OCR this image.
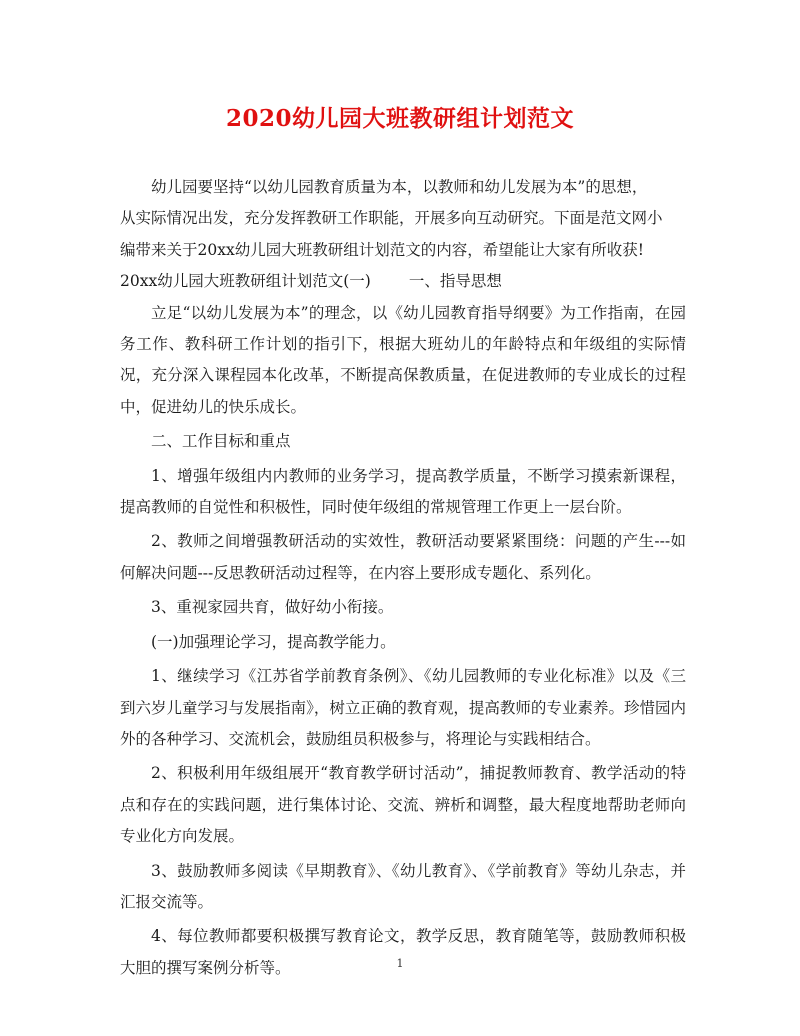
2020幼儿园大班教研组计划范文

幼儿园要坚持“以幼儿园教育质量为本，以教师和幼儿发展为本”的思想，

从实际情况出发，充分发挥教研工作职能，开展多向互动研究。下面是范文网小

编带来关于20xx幼儿园大班教研组计划范文的内容，希望能让大家有所收获!

20xx幼儿园大班教研组计划范文(一) 一、指导思想

立足“以幼儿发展为本”的理念，以《幼儿园教育指导纲要》为工作指南，在园务工作、教科研工作计划的指引下，根据大班幼儿的年龄特点和年级组的实际情况，充分深入课程园本化改革，不断提高保教质量，在促进教师的专业成长的过程中，促进幼儿的快乐成长。

二、工作目标和重点

1、增强年级组内内教师的业务学习，提高教学质量，不断学习摸索新课程，提高教师的自觉性和积极性，同时使年级组的常规管理工作更上一层台阶。

2、教师之间增强教研活动的实效性，教研活动要紧紧围绕：问题的产生---如何解决问题---反思教研活动过程等，在内容上要形成专题化、系列化。

3、重视家园共育，做好幼小衔接。

(一)加强理论学习，提高教学能力。

1、继续学习《江苏省学前教育条例》、《幼儿园教师的专业化标准》以及《三到六岁儿童学习与发展指南》，树立正确的教育观，提高教师的专业素养。珍惜园内外的各种学习、交流机会，鼓励组员积极参与，将理论与实践相结合。

2、积极利用年级组展开“教育教学研讨活动”，捕捉教师教育、教学活动的特点和存在的实践问题，进行集体讨论、交流、辨析和调整，最大程度地帮助老师向专业化方向发展。

3、鼓励教师多阅读《早期教育》、《幼儿教育》、《学前教育》等幼儿杂志，并汇报交流等。

4、每位教师都要积极撰写教育论文，教学反思，教育随笔等，鼓励教师积极大胆的撰写案例分析等。	1
